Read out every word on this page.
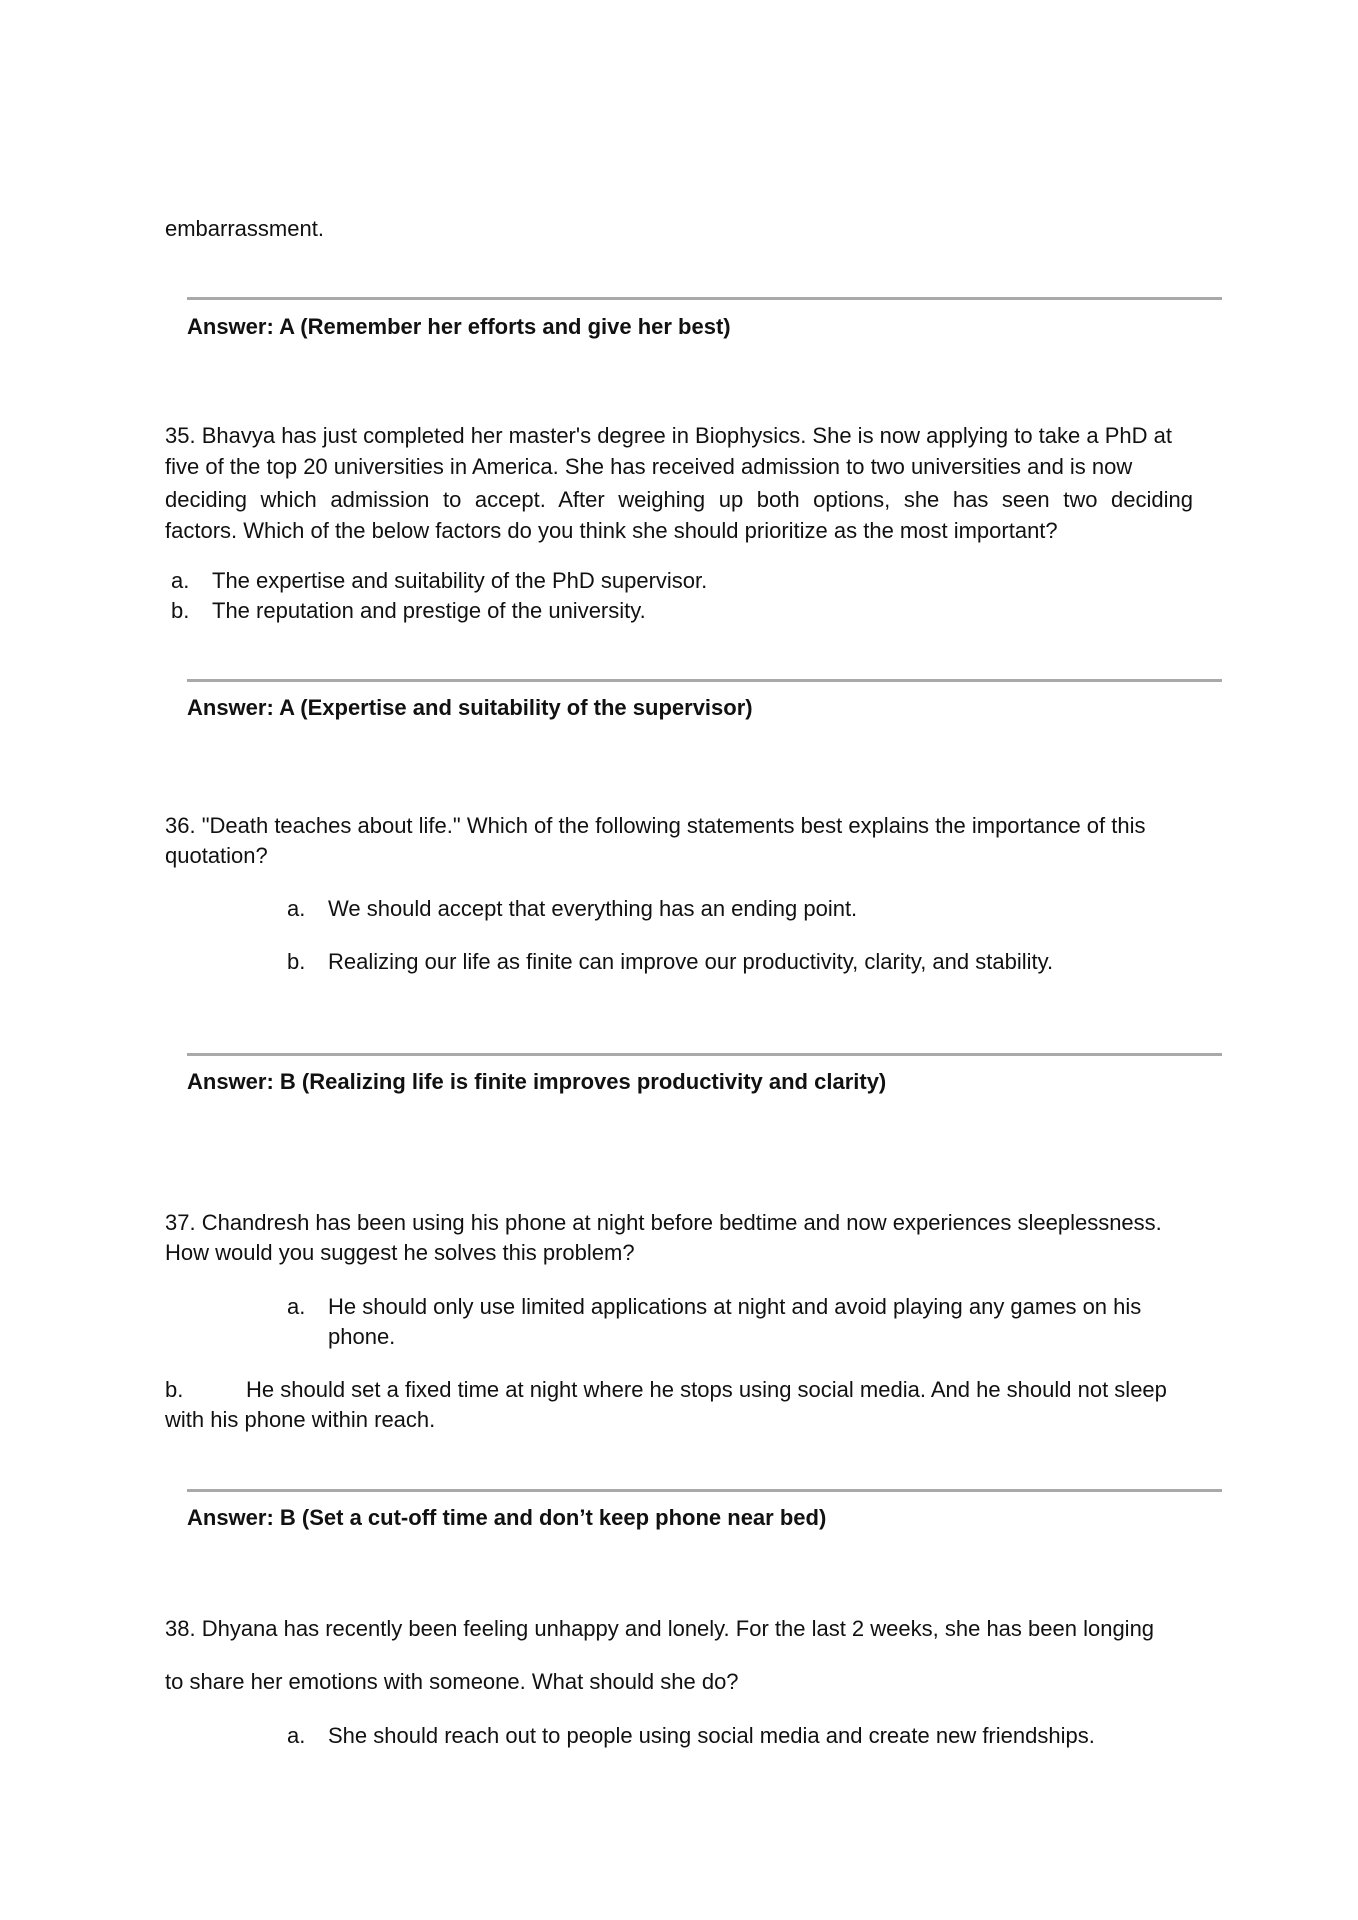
embarrassment.
Answer: A (Remember her efforts and give her best)
35. Bhavya has just completed her master's degree in Biophysics. She is now applying to take a PhD at
five of the top 20 universities in America. She has received admission to two universities and is now
deciding which admission to accept. After weighing up both options, she has seen two deciding
factors. Which of the below factors do you think she should prioritize as the most important?
a. The expertise and suitability of the PhD supervisor.
b. The reputation and prestige of the university.
Answer: A (Expertise and suitability of the supervisor)
36. "Death teaches about life." Which of the following statements best explains the importance of this
quotation?
a. We should accept that everything has an ending point.
b. Realizing our life as finite can improve our productivity, clarity, and stability.
Answer: B (Realizing life is finite improves productivity and clarity)
37. Chandresh has been using his phone at night before bedtime and now experiences sleeplessness.
How would you suggest he solves this problem?
a. He should only use limited applications at night and avoid playing any games on his
phone.
b.	He should set a fixed time at night where he stops using social media. And he should not sleep
with his phone within reach.
Answer: B (Set a cut-off time and don’t keep phone near bed)
38. Dhyana has recently been feeling unhappy and lonely. For the last 2 weeks, she has been longing
to share her emotions with someone. What should she do?
a. She should reach out to people using social media and create new friendships.
